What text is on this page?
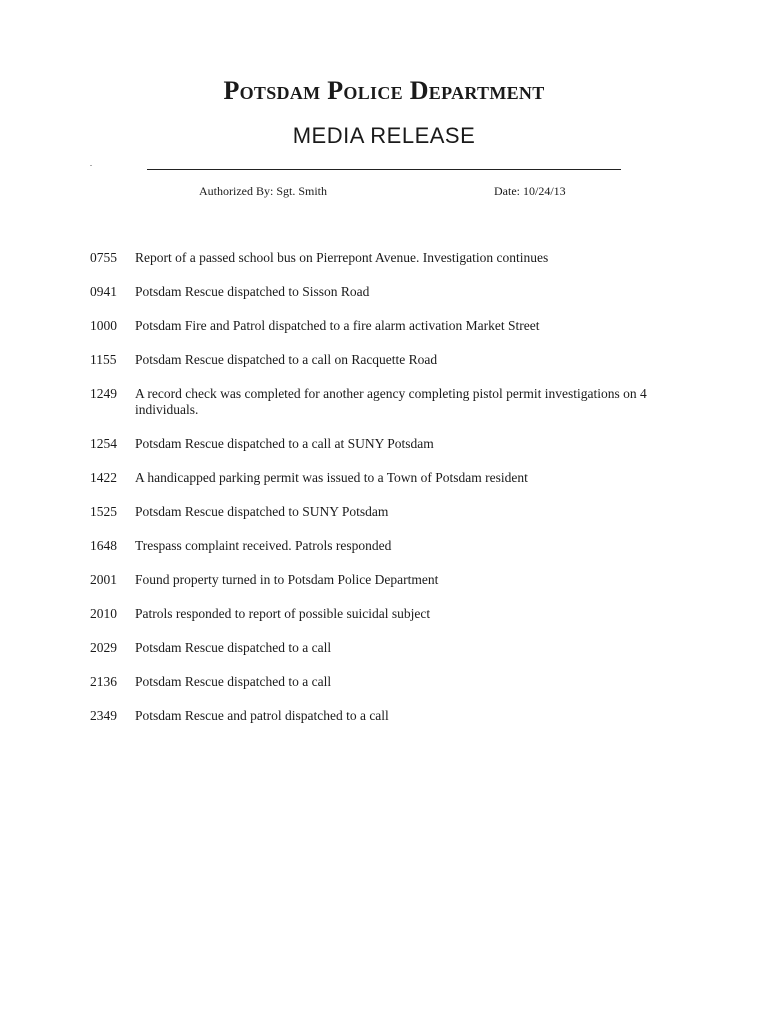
Potsdam Police Department
MEDIA RELEASE
.
Authorized By: Sgt. Smith	Date: 10/24/13
0755	Report of a passed school bus on Pierrepont Avenue. Investigation continues
0941	Potsdam Rescue dispatched to Sisson Road
1000	Potsdam Fire and Patrol dispatched to a fire alarm activation Market Street
1155	Potsdam Rescue dispatched to a call on Racquette Road
1249	A record check was completed for another agency completing pistol permit investigations on 4 individuals.
1254	Potsdam Rescue dispatched to a call at SUNY Potsdam
1422	A handicapped parking permit was issued to a Town of Potsdam resident
1525	Potsdam Rescue dispatched to SUNY Potsdam
1648	Trespass complaint received. Patrols responded
2001	Found property turned in to Potsdam Police Department
2010	Patrols responded to report of possible suicidal subject
2029	Potsdam Rescue dispatched to a call
2136	Potsdam Rescue dispatched to a call
2349	Potsdam Rescue and patrol dispatched to a call
